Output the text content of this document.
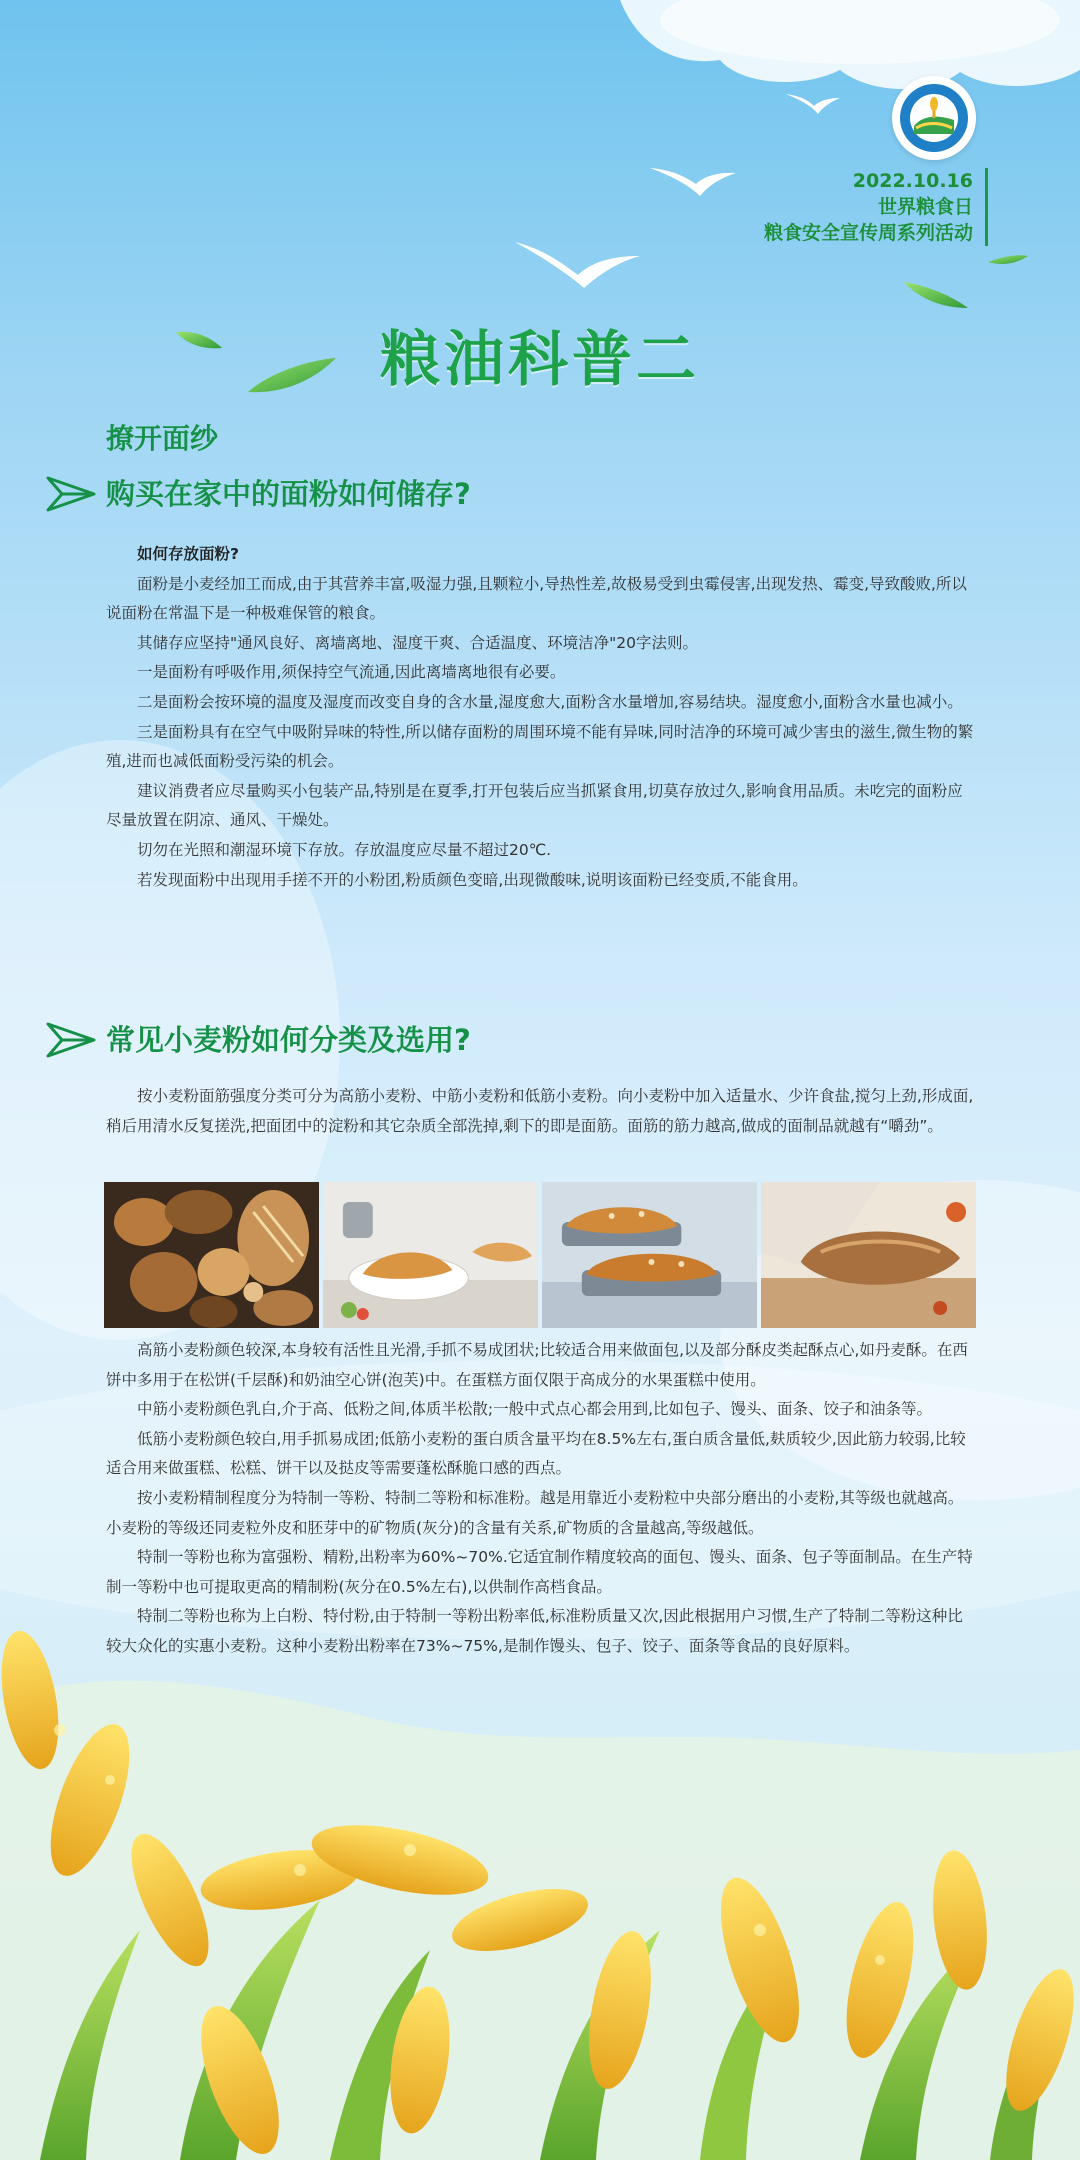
2022.10.16
世界粮食日
粮食安全宣传周系列活动
粮油科普二
撩开面纱
购买在家中的面粉如何储存?

如何存放面粉?

面粉是小麦经加工而成,由于其营养丰富,吸湿力强,且颗粒小,导热性差,故极易受到虫霉侵害,出现发热、霉变,导致酸败,所以说面粉在常温下是一种极难保管的粮食。

其储存应坚持"通风良好、离墙离地、湿度干爽、合适温度、环境洁净"20字法则。

一是面粉有呼吸作用,须保持空气流通,因此离墙离地很有必要。

二是面粉会按环境的温度及湿度而改变自身的含水量,湿度愈大,面粉含水量增加,容易结块。湿度愈小,面粉含水量也减小。

三是面粉具有在空气中吸附异味的特性,所以储存面粉的周围环境不能有异味,同时洁净的环境可减少害虫的滋生,微生物的繁殖,进而也减低面粉受污染的机会。

建议消费者应尽量购买小包装产品,特别是在夏季,打开包装后应当抓紧食用,切莫存放过久,影响食用品质。未吃完的面粉应尽量放置在阴凉、通风、干燥处。

切勿在光照和潮湿环境下存放。存放温度应尽量不超过20℃.

若发现面粉中出现用手搓不开的小粉团,粉质颜色变暗,出现微酸味,说明该面粉已经变质,不能食用。

常见小麦粉如何分类及选用?

按小麦粉面筋强度分类可分为高筋小麦粉、中筋小麦粉和低筋小麦粉。向小麦粉中加入适量水、少许食盐,搅匀上劲,形成面,稍后用清水反复搓洗,把面团中的淀粉和其它杂质全部洗掉,剩下的即是面筋。面筋的筋力越高,做成的面制品就越有“嚼劲”。

高筋小麦粉颜色较深,本身较有活性且光滑,手抓不易成团状;比较适合用来做面包,以及部分酥皮类起酥点心,如丹麦酥。在西饼中多用于在松饼(千层酥)和奶油空心饼(泡芙)中。在蛋糕方面仅限于高成分的水果蛋糕中使用。

中筋小麦粉颜色乳白,介于高、低粉之间,体质半松散;一般中式点心都会用到,比如包子、馒头、面条、饺子和油条等。

低筋小麦粉颜色较白,用手抓易成团;低筋小麦粉的蛋白质含量平均在8.5%左右,蛋白质含量低,麸质较少,因此筋力较弱,比较适合用来做蛋糕、松糕、饼干以及挞皮等需要蓬松酥脆口感的西点。

按小麦粉精制程度分为特制一等粉、特制二等粉和标准粉。越是用靠近小麦粉粒中央部分磨出的小麦粉,其等级也就越高。小麦粉的等级还同麦粒外皮和胚芽中的矿物质(灰分)的含量有关系,矿物质的含量越高,等级越低。

特制一等粉也称为富强粉、精粉,出粉率为60%~70%.它适宜制作精度较高的面包、馒头、面条、包子等面制品。在生产特制一等粉中也可提取更高的精制粉(灰分在0.5%左右),以供制作高档食品。

特制二等粉也称为上白粉、特付粉,由于特制一等粉出粉率低,标准粉质量又次,因此根据用户习惯,生产了特制二等粉这种比较大众化的实惠小麦粉。这种小麦粉出粉率在73%~75%,是制作馒头、包子、饺子、面条等食品的良好原料。
